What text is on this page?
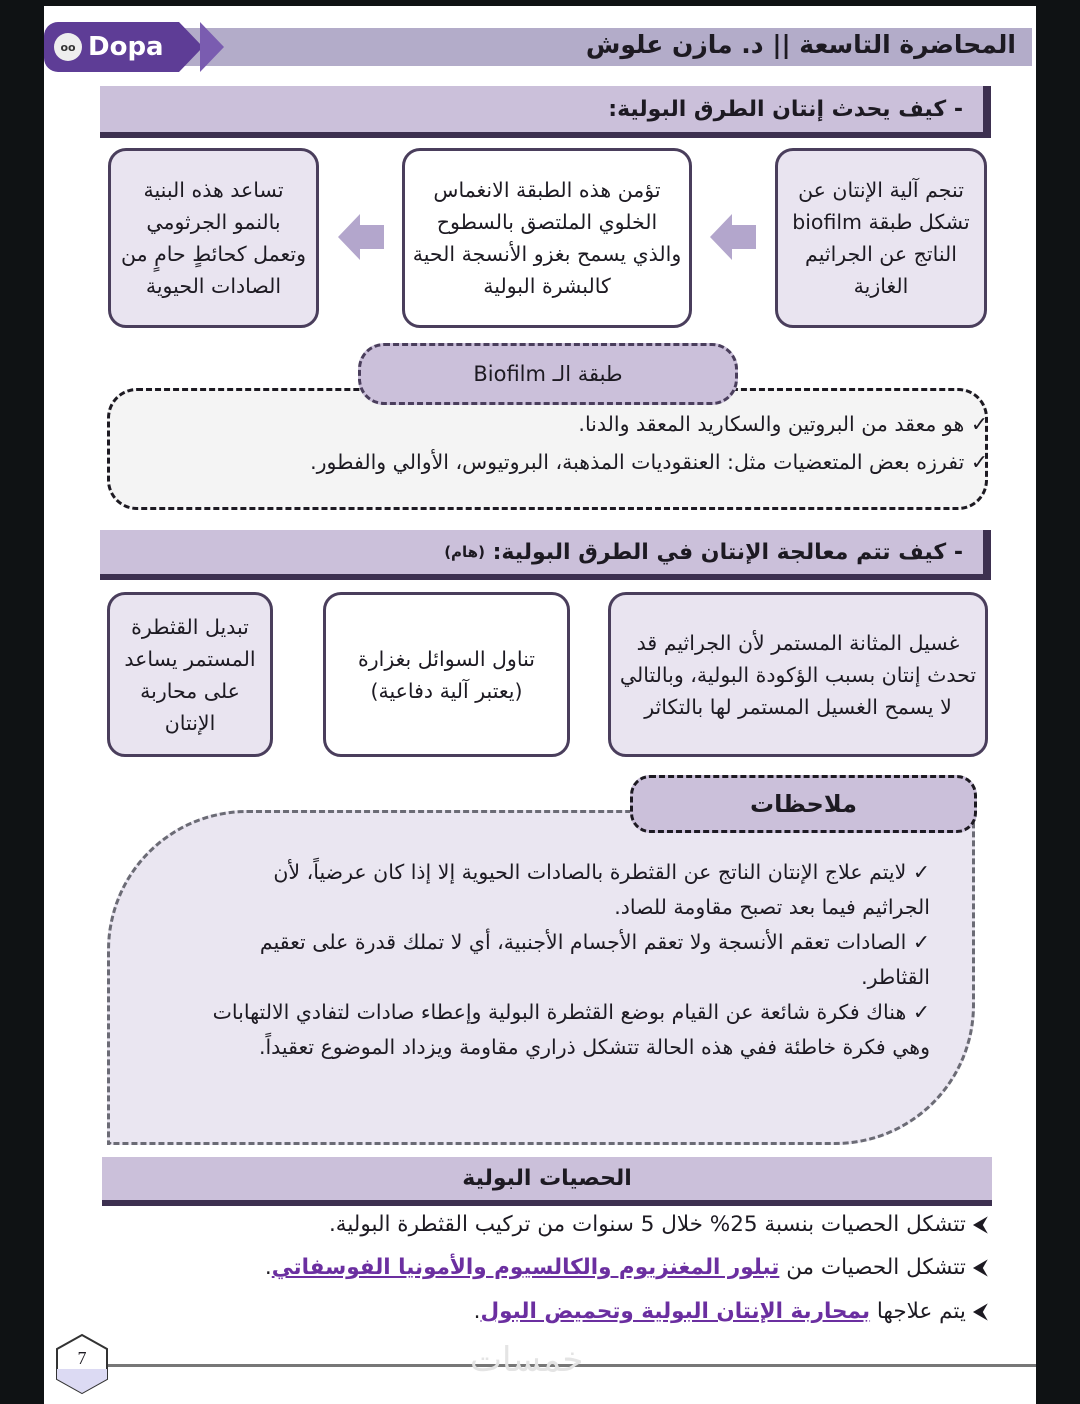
oo Dopa	المحاضرة التاسعة || د. مازن علوش
- كيف يحدث إنتان الطرق البولية:
تنجم آلية الإنتان عن تشكل طبقة biofilm الناتج عن الجراثيم الغازية
تؤمن هذه الطبقة الانغماس الخلوي الملتصق بالسطوح والذي يسمح بغزو الأنسجة الحية كالبشرة البولية
تساعد هذه البنية بالنمو الجرثومي وتعمل كحائطٍ حامٍ من الصادات الحيوية
طبقة الـ Biofilm
✓ هو معقد من البروتين والسكاريد المعقد والدنا.
✓ تفرزه بعض المتعضيات مثل: العنقوديات المذهبة، البروتيوس، الأوالي والفطور.
- كيف تتم معالجة الإنتان في الطرق البولية:

(هام)
غسيل المثانة المستمر لأن الجراثيم قد تحدث إنتان بسبب الؤكودة البولية، وبالتالي لا يسمح الغسيل المستمر لها بالتكاثر
تناول السوائل بغزارة (يعتبر آلية دفاعية)
تبديل القثطرة المستمر يساعد على محاربة الإنتان
ملاحظات
✓ لايتم علاج الإنتان الناتج عن القثطرة بالصادات الحيوية إلا إذا كان عرضياً، لأن الجراثيم فيما بعد تصبح مقاومة للصاد.
✓ الصادات تعقم الأنسجة ولا تعقم الأجسام الأجنبية، أي لا تملك قدرة على تعقيم القثاطر.
✓ هناك فكرة شائعة عن القيام بوضع القثطرة البولية وإعطاء صادات لتفادي الالتهابات وهي فكرة خاطئة ففي هذه الحالة تتشكل ذراري مقاومة ويزداد الموضوع تعقيداً.
الحصيات البولية
⮜ تتشكل الحصيات بنسبة 25% خلال 5 سنوات من تركيب القثطرة البولية.
⮜ تتشكل الحصيات من تبلور المغنزيوم والكالسيوم والأمونيا الفوسفاتي.
⮜ يتم علاجها بمحاربة الإنتان البولية وتحميض البول.
7	خمسات
